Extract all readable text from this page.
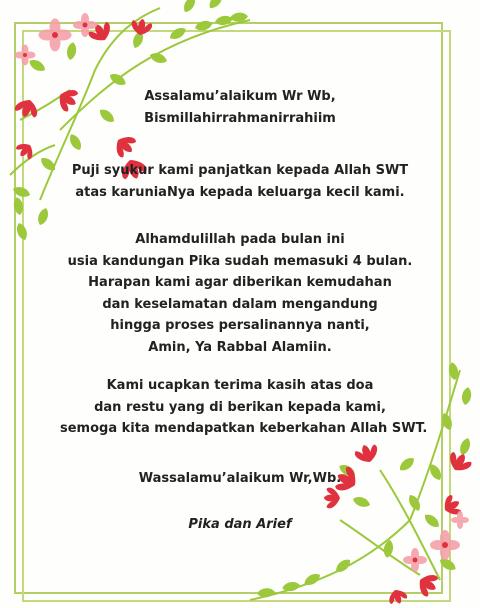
Assalamu’alaikum Wr Wb,
Bismillahirrahmanirrahiim
Puji syukur kami panjatkan kepada Allah SWT
atas karuniaNya kepada keluarga kecil kami.
Alhamdulillah pada bulan ini
usia kandungan Pika sudah memasuki 4 bulan.
Harapan kami agar diberikan kemudahan
dan keselamatan dalam mengandung
hingga proses persalinannya nanti,
Amin, Ya Rabbal Alamiin.
Kami ucapkan terima kasih atas doa
dan restu yang di berikan kepada kami,
semoga kita mendapatkan keberkahan Allah SWT.
Wassalamu’alaikum Wr,Wb.
Pika dan Arief
